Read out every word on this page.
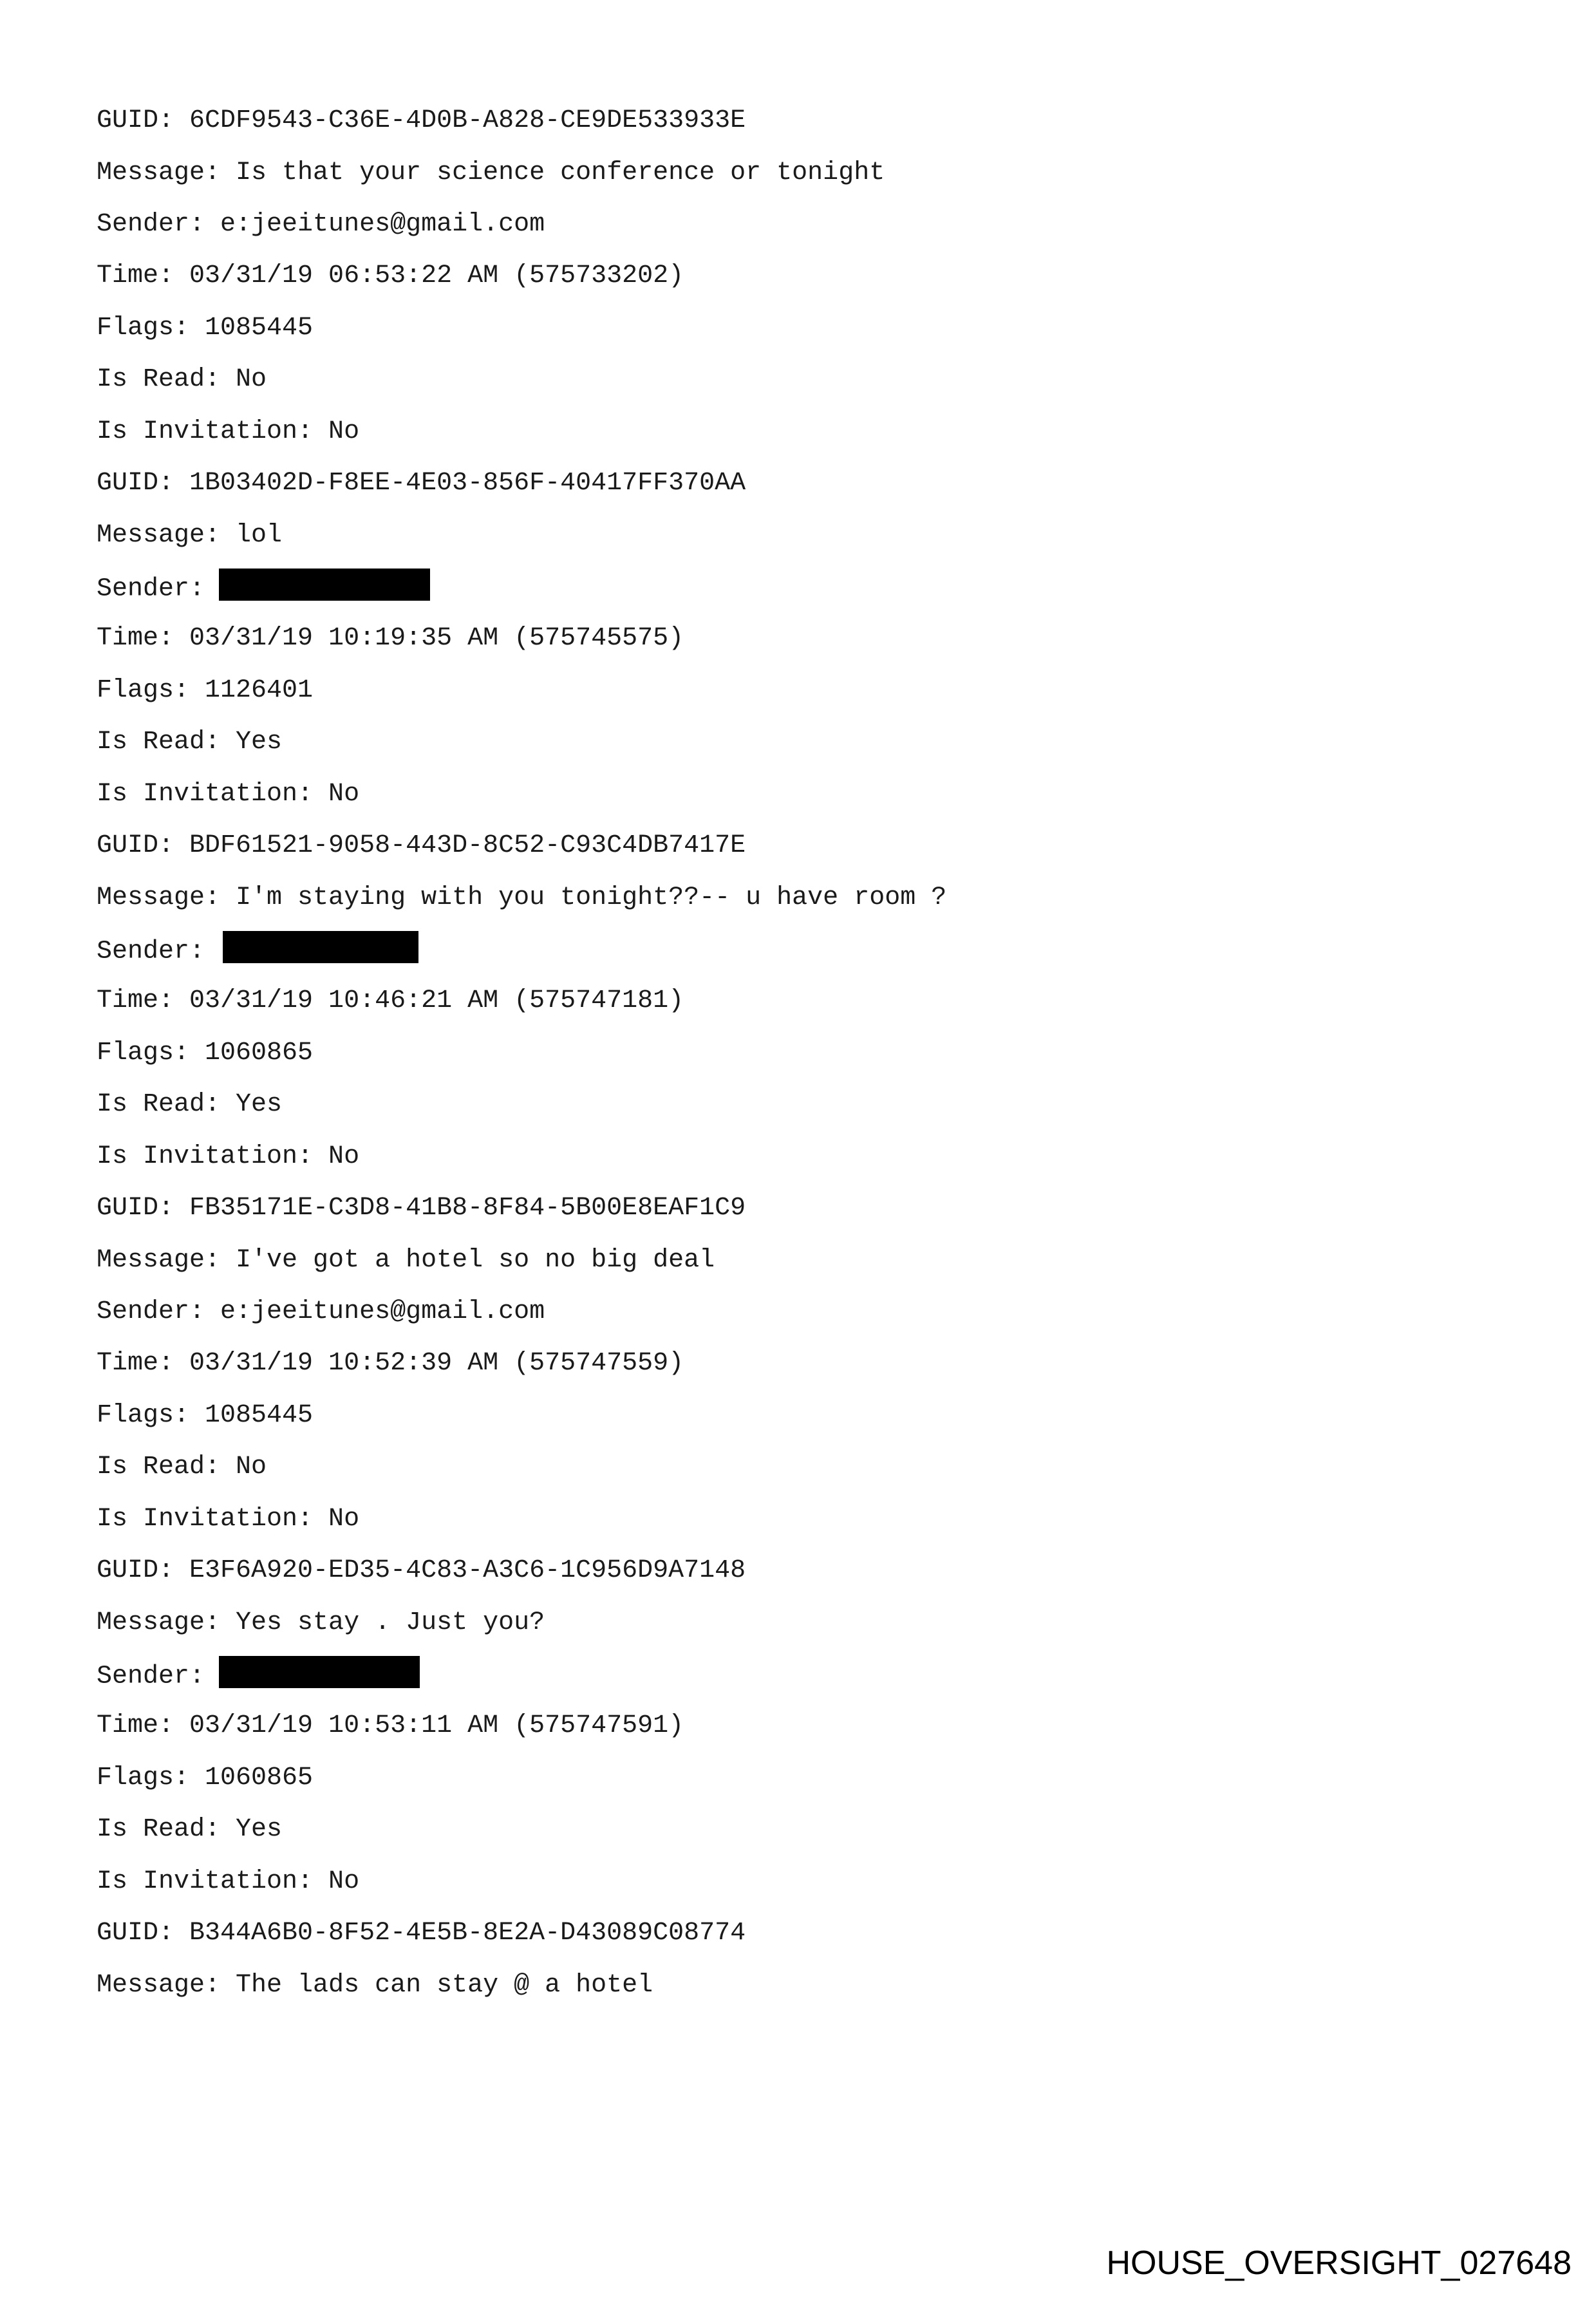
GUID: 6CDF9543-C36E-4D0B-A828-CE9DE533933E
Message: Is that your science conference or tonight
Sender: e:jeeitunes@gmail.com
Time: 03/31/19 06:53:22 AM (575733202)
Flags: 1085445
Is Read: No
Is Invitation: No
GUID: 1B03402D-F8EE-4E03-856F-40417FF370AA
Message: lol
Sender:
Time: 03/31/19 10:19:35 AM (575745575)
Flags: 1126401
Is Read: Yes
Is Invitation: No
GUID: BDF61521-9058-443D-8C52-C93C4DB7417E
Message: I'm staying with you tonight??-- u have room ?
Sender:
Time: 03/31/19 10:46:21 AM (575747181)
Flags: 1060865
Is Read: Yes
Is Invitation: No
GUID: FB35171E-C3D8-41B8-8F84-5B00E8EAF1C9
Message: I've got a hotel so no big deal
Sender: e:jeeitunes@gmail.com
Time: 03/31/19 10:52:39 AM (575747559)
Flags: 1085445
Is Read: No
Is Invitation: No
GUID: E3F6A920-ED35-4C83-A3C6-1C956D9A7148
Message: Yes stay . Just you?
Sender:
Time: 03/31/19 10:53:11 AM (575747591)
Flags: 1060865
Is Read: Yes
Is Invitation: No
GUID: B344A6B0-8F52-4E5B-8E2A-D43089C08774
Message: The lads can stay @ a hotel
HOUSE_OVERSIGHT_027648
